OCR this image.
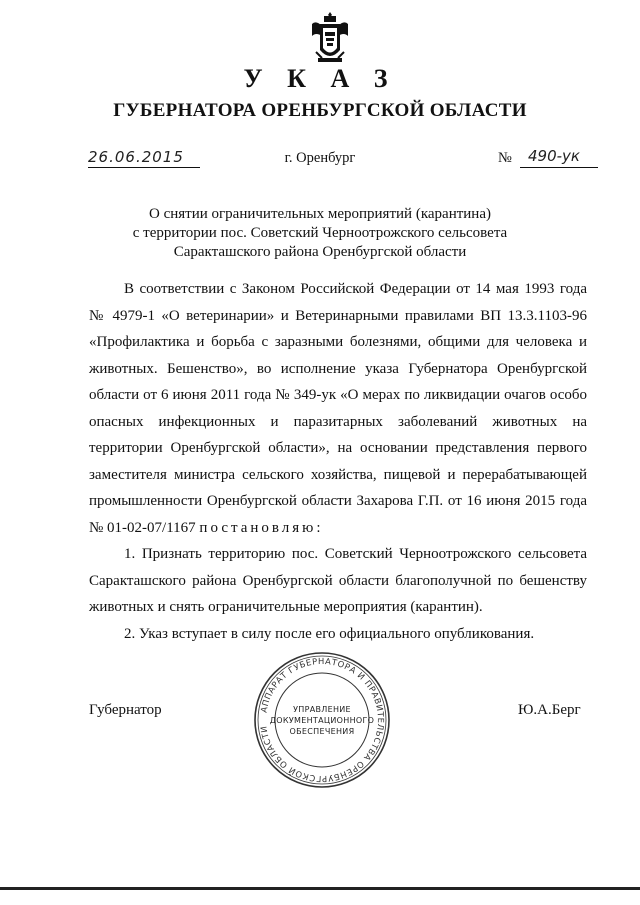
У К А З
ГУБЕРНАТОРА ОРЕНБУРГСКОЙ ОБЛАСТИ
26.06.2015	г. Оренбург	№ 490-ук
О снятии ограничительных мероприятий (карантина)
с территории пос. Советский Черноотрожского сельсовета
Саракташского района Оренбургской области
В соответствии с Законом Российской Федерации от 14 мая 1993 года
№ 4979-1 «О ветеринарии» и Ветеринарными правилами ВП 13.3.1103-96
«Профилактика и борьба с заразными болезнями, общими для человека и
животных. Бешенство», во исполнение указа Губернатора Оренбургской
области от 6 июня 2011 года № 349-ук «О мерах по ликвидации очагов особо
опасных инфекционных и паразитарных заболеваний животных на
территории Оренбургской области», на основании представления первого
заместителя министра сельского хозяйства, пищевой и перерабатывающей
промышленности Оренбургской области Захарова Г.П. от 16 июня 2015 года
№ 01-02-07/1167 постановляю:
1. Признать территорию пос. Советский Черноотрожского сельсовета
Саракташского района Оренбургской области благополучной по бешенству
животных и снять ограничительные мероприятия (карантин).
2. Указ вступает в силу после его официального опубликования.
Губернатор	Ю.А.Берг
АППАРАТ ГУБЕРНАТОРА И ПРАВИТЕЛЬСТВА ОРЕНБУРГСКОЙ ОБЛАСТИ
УПРАВЛЕНИЕ
ДОКУМЕНТАЦИОННОГО
ОБЕСПЕЧЕНИЯ
